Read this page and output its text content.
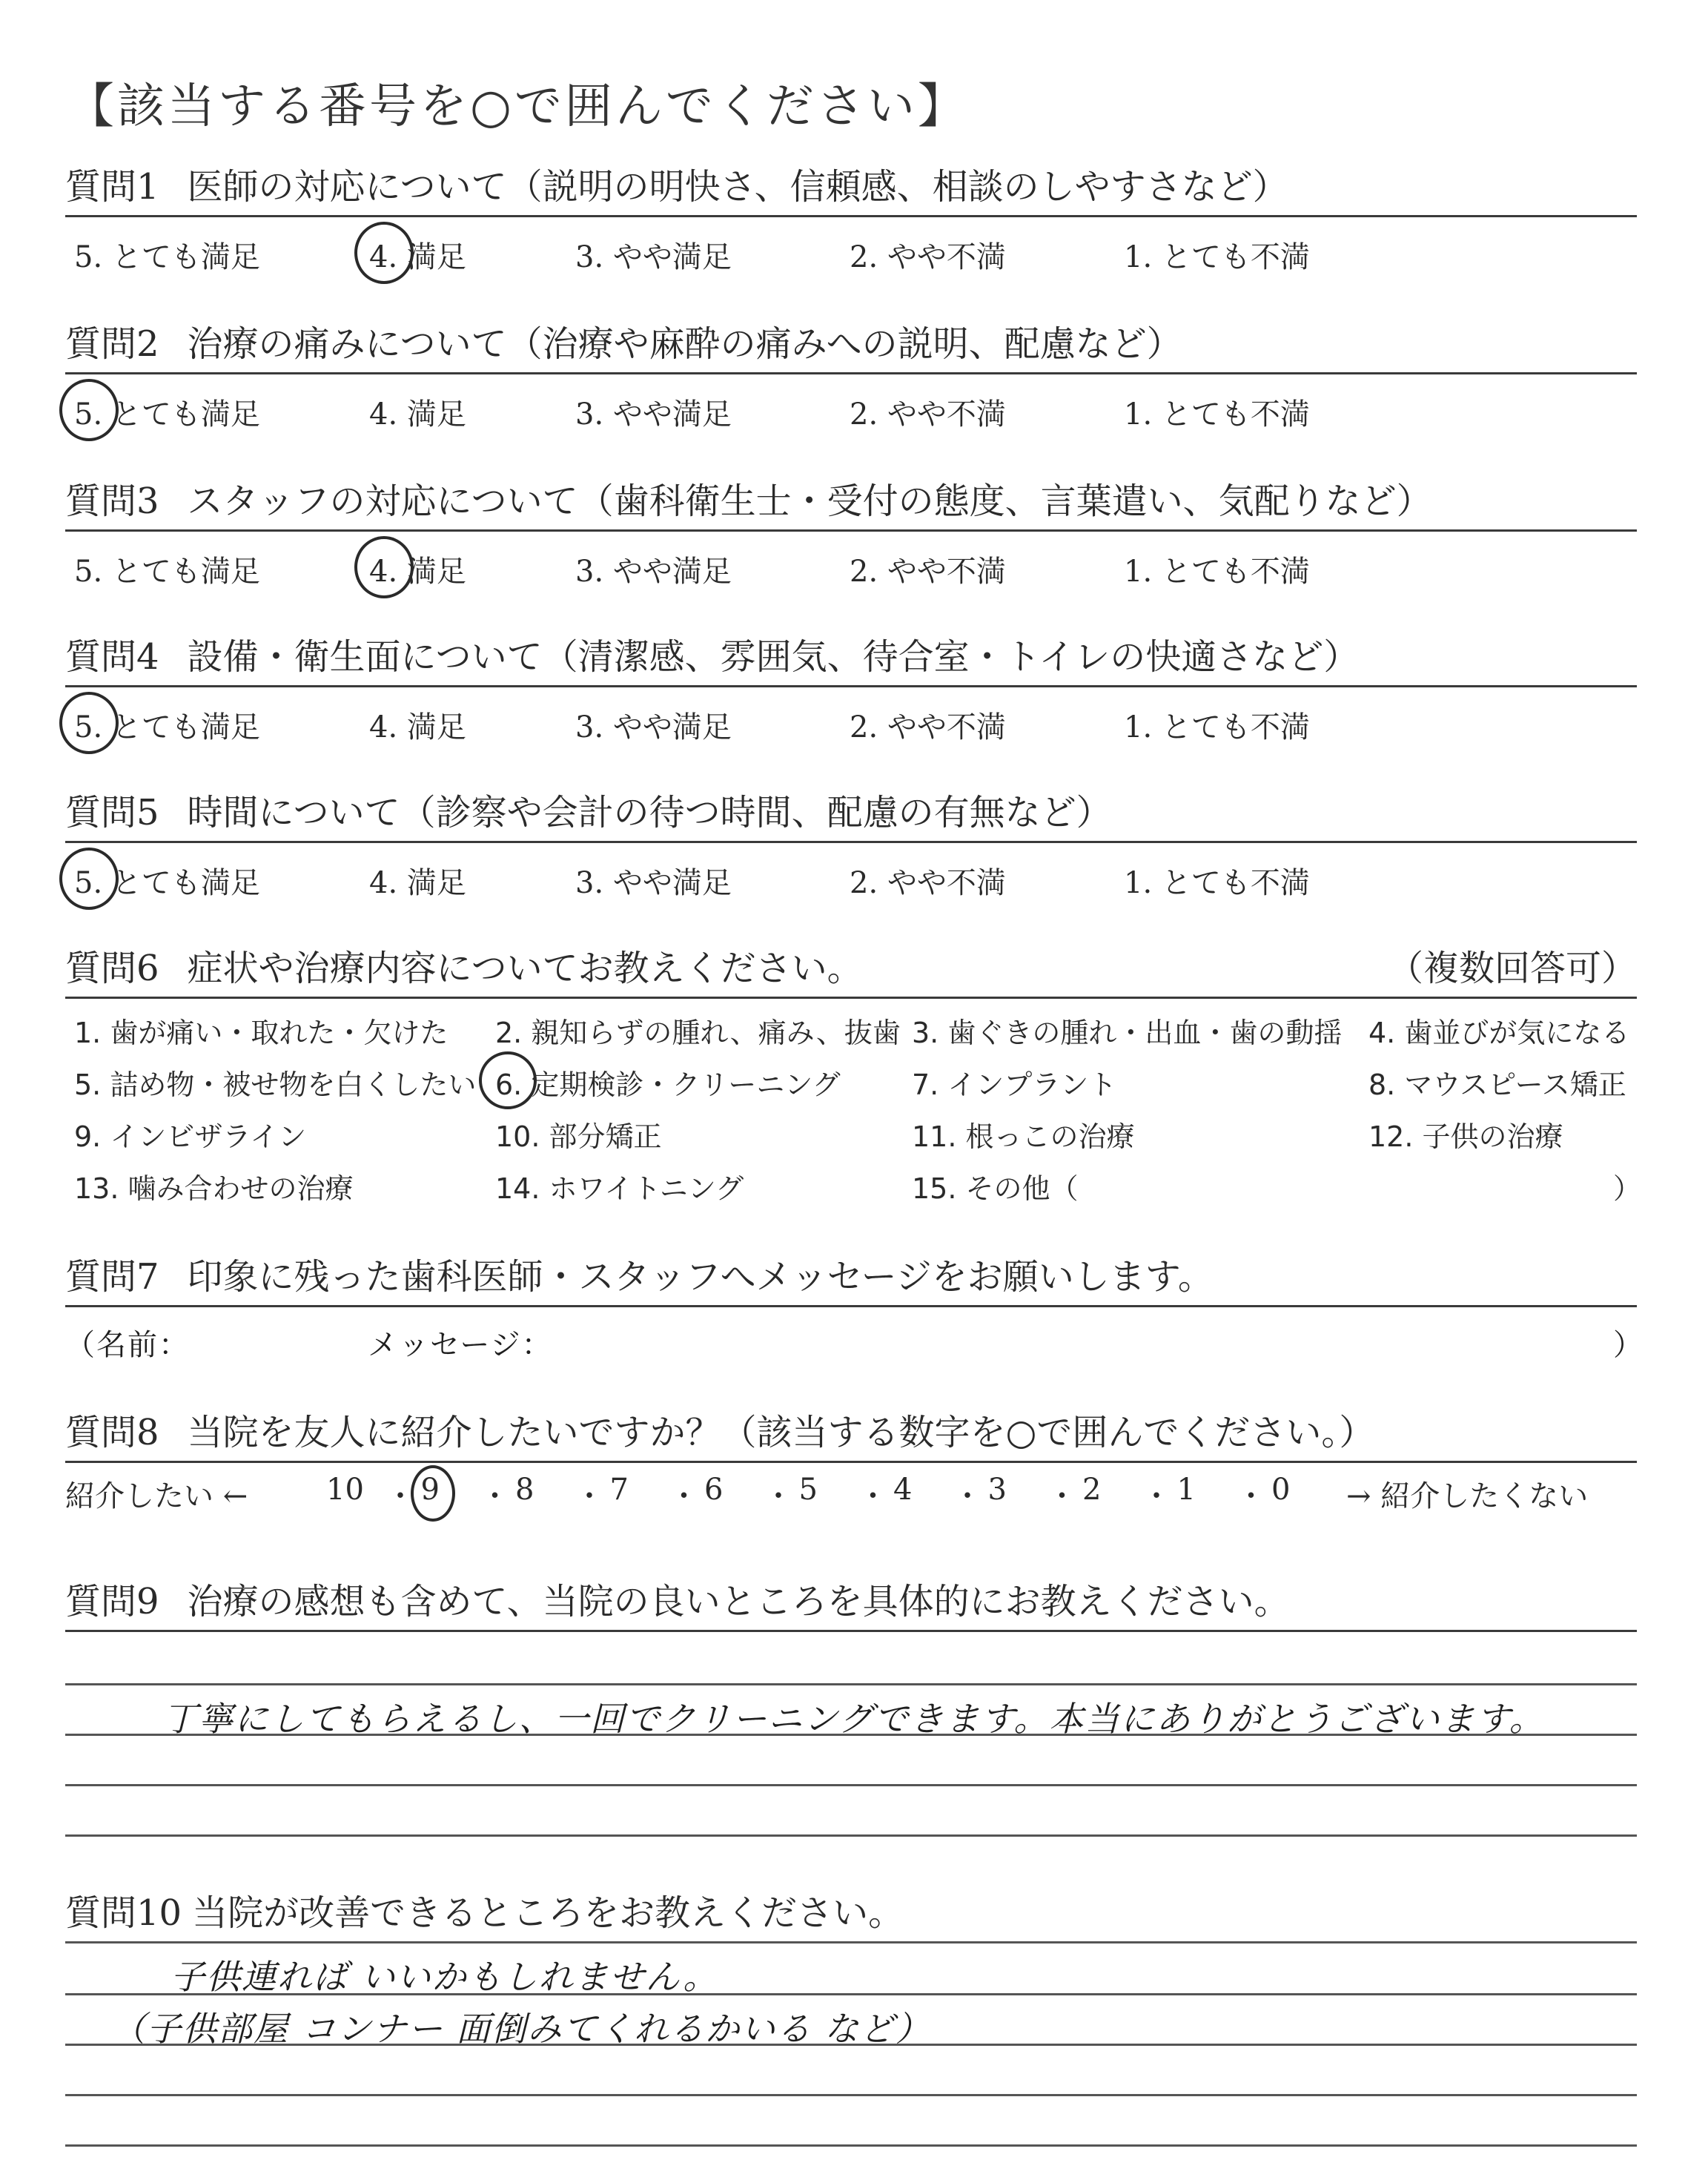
【該当する番号を○で囲んでください】
質問1 医師の対応について（説明の明快さ、信頼感、相談のしやすさなど）
5. とても満足	4. 満足	3. やや満足	2. やや不満	1. とても不満
質問2 治療の痛みについて（治療や麻酔の痛みへの説明、配慮など）
5. とても満足	4. 満足	3. やや満足	2. やや不満	1. とても不満
質問3 スタッフの対応について（歯科衛生士・受付の態度、言葉遣い、気配りなど）
5. とても満足	4. 満足	3. やや満足	2. やや不満	1. とても不満
質問4 設備・衛生面について（清潔感、雰囲気、待合室・トイレの快適さなど）
5. とても満足	4. 満足	3. やや満足	2. やや不満	1. とても不満
質問5 時間について（診察や会計の待つ時間、配慮の有無など）
5. とても満足	4. 満足	3. やや満足	2. やや不満	1. とても不満
質問6 症状や治療内容についてお教えください。	（複数回答可）
1. 歯が痛い・取れた・欠けた 2. 親知らずの腫れ、痛み、抜歯 3. 歯ぐきの腫れ・出血・歯の動揺 4. 歯並びが気になる
5. 詰め物・被せ物を白くしたい 6. 定期検診・クリーニング	7. インプラント	8. マウスピース矯正
9. インビザライン	10. 部分矯正	11. 根っこの治療	12. 子供の治療
13. 噛み合わせの治療	14. ホワイトニング	15. その他（	）
質問7 印象に残った歯科医師・スタッフへメッセージをお願いします。
（名前：	メッセージ：	）
質問8 当院を友人に紹介したいですか？（該当する数字を○で囲んでください。）
紹介したい ←	10 ・ 9 ・ 8 ・ 7 ・ 6 ・ 5 ・ 4 ・ 3 ・ 2 ・ 1 ・ 0 → 紹介したくない
質問9 治療の感想も含めて、当院の良いところを具体的にお教えください。
丁寧にしてもらえるし、一回でクリーニングできます。本当にありがとうございます。
質問10 当院が改善できるところをお教えください。
子供連れば いいかもしれません。
（子供部屋 コンナー 面倒みてくれるかいる など）
